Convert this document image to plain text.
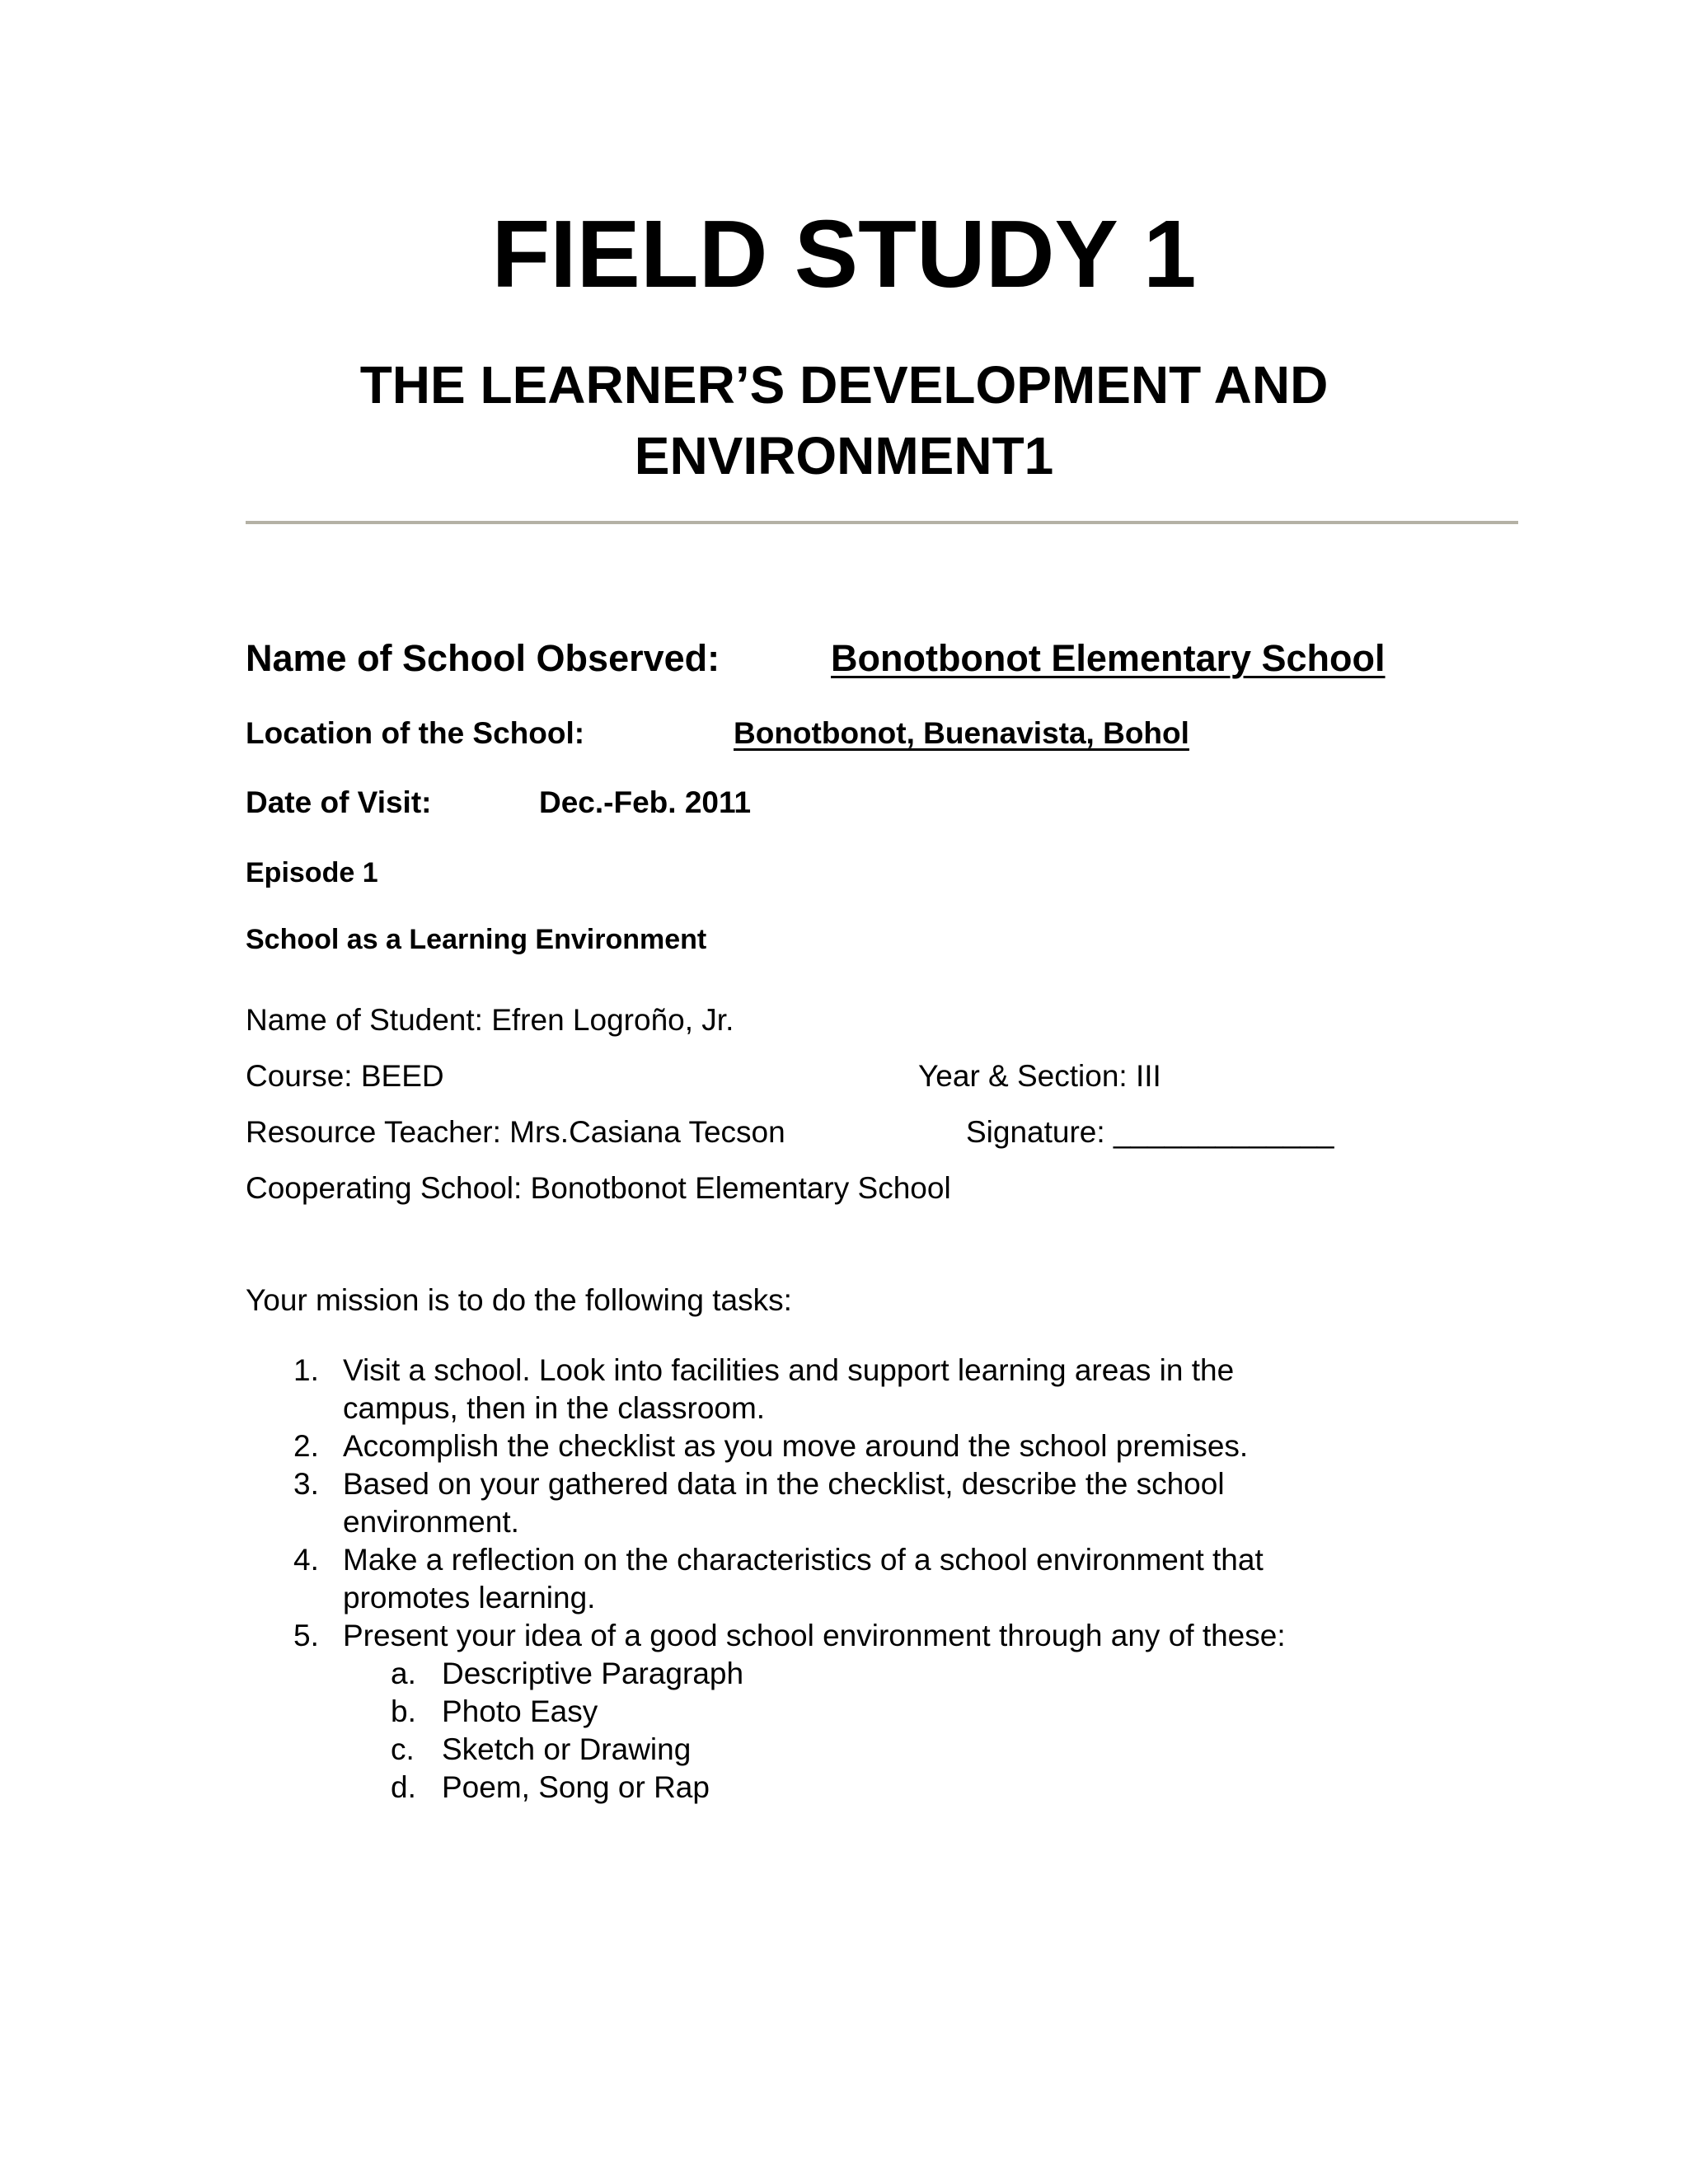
FIELD STUDY 1
THE LEARNER’S DEVELOPMENT AND
ENVIRONMENT1
Name of School Observed:	Bonotbonot Elementary School
Location of the School:	Bonotbonot, Buenavista, Bohol
Date of Visit:	Dec.-Feb. 2011
Episode 1
School as a Learning Environment
Name of Student: Efren Logroño, Jr.
Course: BEED	Year & Section: III
Resource Teacher: Mrs.Casiana Tecson	Signature: _____________
Cooperating School: Bonotbonot Elementary School
Your mission is to do the following tasks:
1. Visit a school. Look into facilities and support learning areas in the
campus, then in the classroom.
2. Accomplish the checklist as you move around the school premises.
3. Based on your gathered data in the checklist, describe the school
environment.
4. Make a reflection on the characteristics of a school environment that
promotes learning.
5. Present your idea of a good school environment through any of these:
a. Descriptive Paragraph
b. Photo Easy
c. Sketch or Drawing
d. Poem, Song or Rap
